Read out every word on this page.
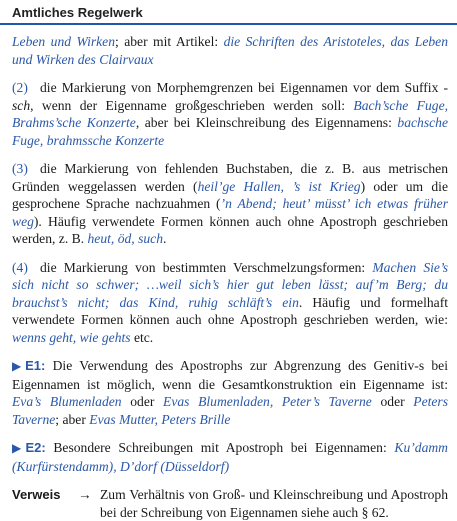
Amtliches Regelwerk

Leben und Wirken; aber mit Artikel: die Schriften des Aristoteles, das Leben und Wirken des Clairvaux

(2) die Markierung von Morphemgrenzen bei Eigennamen vor dem Suffix -sch, wenn der Eigenname großgeschrieben werden soll: Bach’sche Fuge, Brahms’sche Konzerte, aber bei Kleinschreibung des Eigennamens: bachsche Fuge, brahmssche Konzerte

(3) die Markierung von fehlenden Buchstaben, die z. B. aus metrischen Gründen weggelassen werden (heil’ge Hallen, ’s ist Krieg) oder um die gesprochene Sprache nachzuahmen (’n Abend; heut’ müsst’ ich etwas früher weg). Häufig verwendete Formen können auch ohne Apostroph geschrieben werden, z. B. heut, öd, such.

(4) die Markierung von bestimmten Verschmelzungsformen: Machen Sie’s sich nicht so schwer; …weil sich’s hier gut leben lässt; auf’m Berg; du brauchst’s nicht; das Kind, ruhig schläft’s ein. Häufig und formelhaft verwendete Formen können auch ohne Apostroph geschrieben werden, wie: wenns geht, wie gehts etc.

▶E1: Die Verwendung des Apostrophs zur Abgrenzung des Genitiv-s bei Eigennamen ist möglich, wenn die Gesamtkonstruktion ein Eigenname ist: Eva’s Blumenladen oder Evas Blumenladen, Peter’s Taverne oder Peters Taverne; aber Evas Mutter, Peters Brille

▶E2: Besondere Schreibungen mit Apostroph bei Eigennamen: Ku’damm (Kurfürstendamm), D’dorf (Düsseldorf)

Verweis	→ Zum Verhältnis von Groß- und Kleinschreibung und Apostroph bei der Schreibung von Eigennamen siehe auch § 62.
